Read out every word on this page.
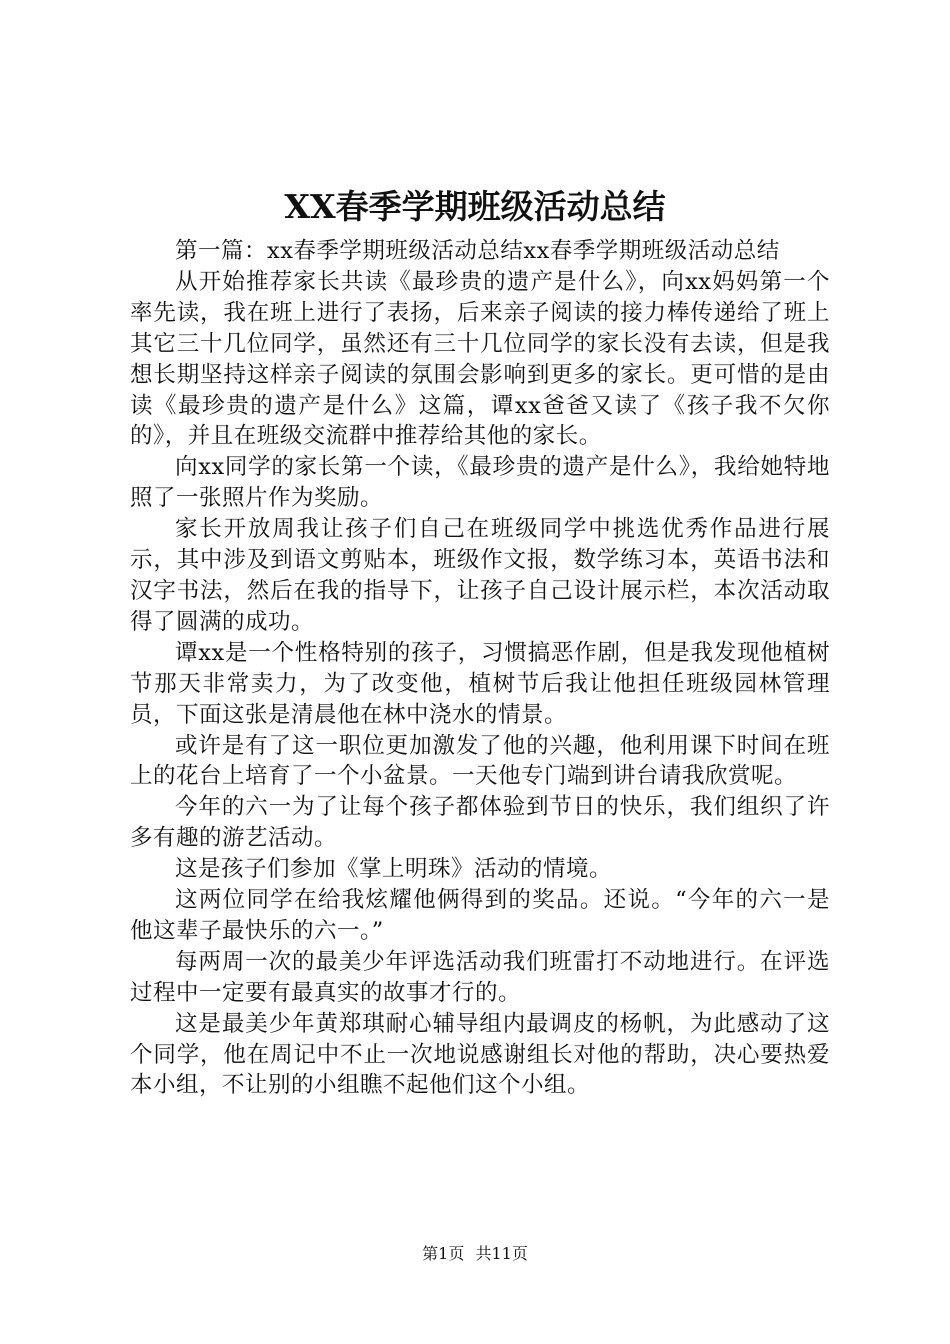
XX春季学期班级活动总结

第一篇：xx春季学期班级活动总结xx春季学期班级活动总结

从开始推荐家长共读《最珍贵的遗产是什么》，向xx妈妈第一个率先读，我在班上进行了表扬，后来亲子阅读的接力棒传递给了班上其它三十几位同学，虽然还有三十几位同学的家长没有去读，但是我想长期坚持这样亲子阅读的氛围会影响到更多的家长。更可惜的是由读《最珍贵的遗产是什么》这篇，谭xx爸爸又读了《孩子我不欠你的》，并且在班级交流群中推荐给其他的家长。

向xx同学的家长第一个读，《最珍贵的遗产是什么》，我给她特地照了一张照片作为奖励。

家长开放周我让孩子们自己在班级同学中挑选优秀作品进行展示，其中涉及到语文剪贴本，班级作文报，数学练习本，英语书法和汉字书法，然后在我的指导下，让孩子自己设计展示栏，本次活动取得了圆满的成功。

谭xx是一个性格特别的孩子，习惯搞恶作剧，但是我发现他植树节那天非常卖力，为了改变他，植树节后我让他担任班级园林管理员，下面这张是清晨他在林中浇水的情景。

或许是有了这一职位更加激发了他的兴趣，他利用课下时间在班上的花台上培育了一个小盆景。一天他专门端到讲台请我欣赏呢。

今年的六一为了让每个孩子都体验到节日的快乐，我们组织了许多有趣的游艺活动。

这是孩子们参加《掌上明珠》活动的情境。

这两位同学在给我炫耀他俩得到的奖品。还说。“今年的六一是他这辈子最快乐的六一。”

每两周一次的最美少年评选活动我们班雷打不动地进行。在评选过程中一定要有最真实的故事才行的。

这是最美少年黄郑琪耐心辅导组内最调皮的杨帆，为此感动了这个同学，他在周记中不止一次地说感谢组长对他的帮助，决心要热爱本小组，不让别的小组瞧不起他们这个小组。

第1页 共11页
